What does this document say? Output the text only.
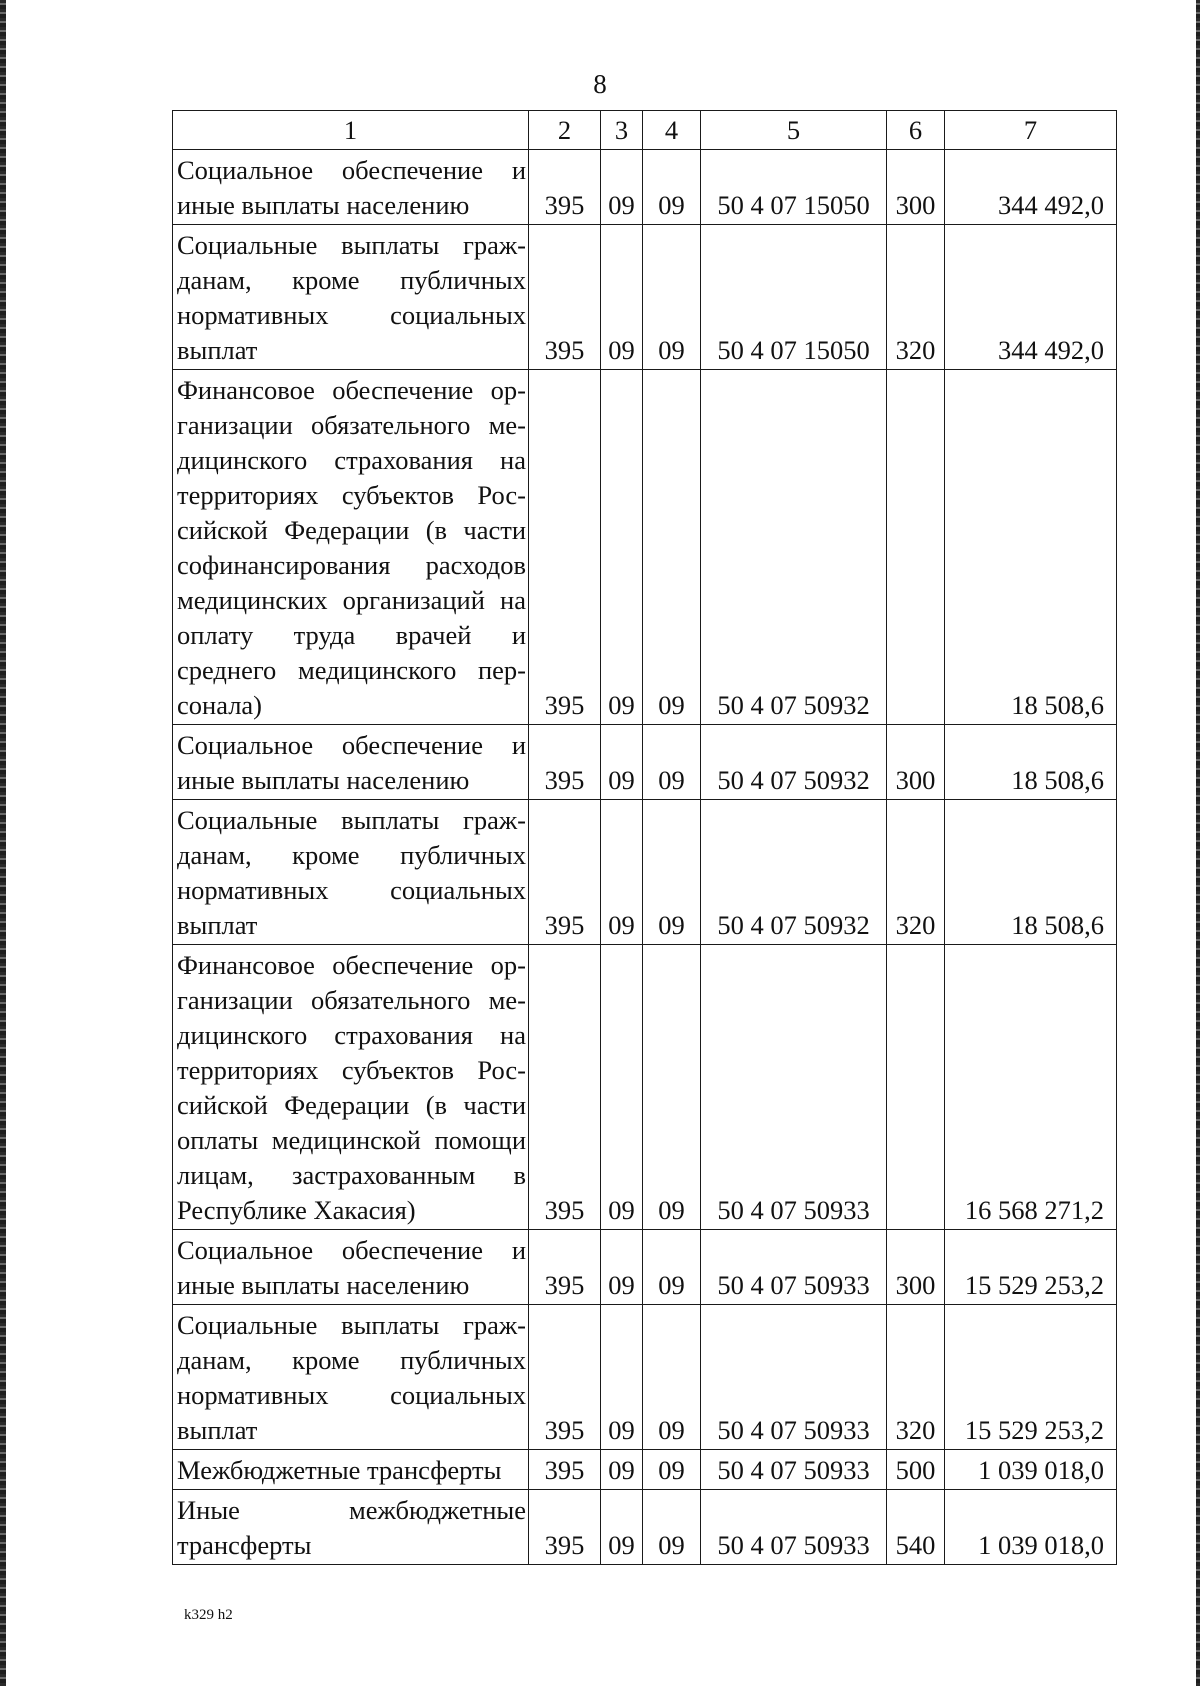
8
1	2	3	4	5	6	7
Социальное обеспечение и иные выплаты населению	395	09	09	50 4 07 15050	300	344 492,0
Социальные выплаты гражданам, кроме публичных нормативных социальных выплат	395	09	09	50 4 07 15050	320	344 492,0
Финансовое обеспечение организации обязательного медицинского страхования на территориях субъектов Российской Федерации (в части софинансирования расходов медицинских организаций на оплату труда врачей и среднего медицинского персонала)	395	09	09	50 4 07 50932		18 508,6
Социальное обеспечение и иные выплаты населению	395	09	09	50 4 07 50932	300	18 508,6
Социальные выплаты гражданам, кроме публичных нормативных социальных выплат	395	09	09	50 4 07 50932	320	18 508,6
Финансовое обеспечение организации обязательного медицинского страхования на территориях субъектов Российской Федерации (в части оплаты медицинской помощи лицам, застрахованным в Республике Хакасия)	395	09	09	50 4 07 50933		16 568 271,2
Социальное обеспечение и иные выплаты населению	395	09	09	50 4 07 50933	300	15 529 253,2
Социальные выплаты гражданам, кроме публичных нормативных социальных выплат	395	09	09	50 4 07 50933	320	15 529 253,2
Межбюджетные трансферты	395	09	09	50 4 07 50933	500	1 039 018,0
Иные межбюджетные трансферты	395	09	09	50 4 07 50933	540	1 039 018,0
k329 h2
